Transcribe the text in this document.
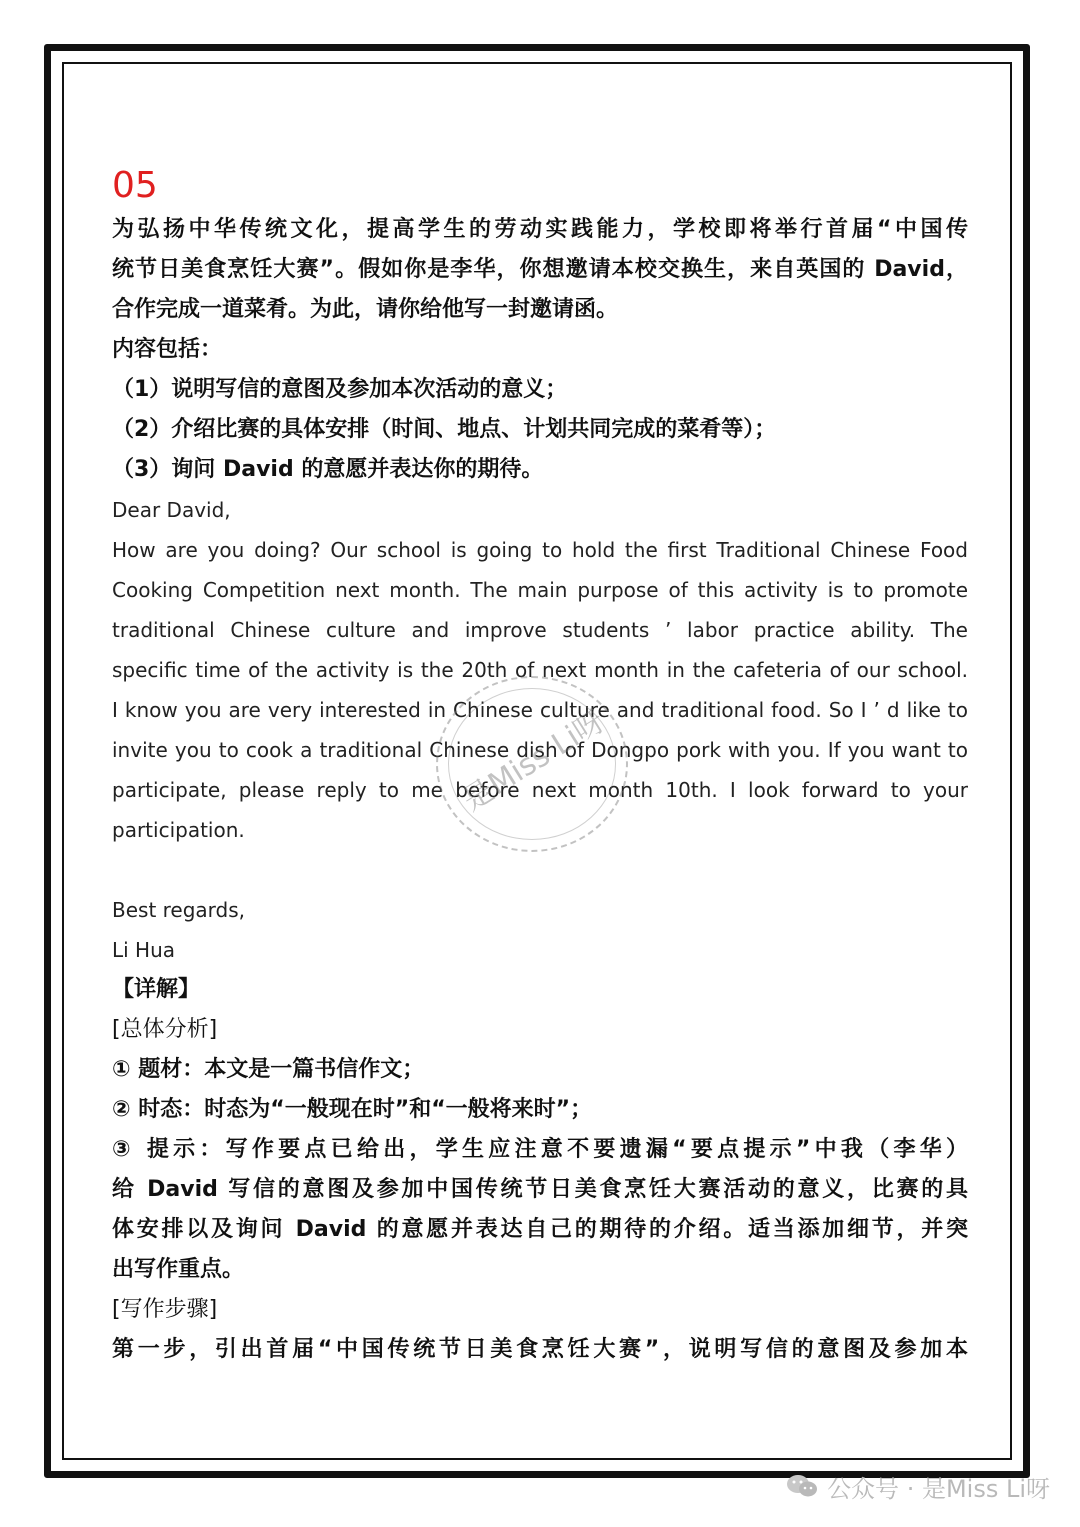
05
为弘扬中华传统文化，提高学生的劳动实践能力，学校即将举行首届“中国传
统节日美食烹饪大赛”。假如你是李华，你想邀请本校交换生，来自英国的 David，
合作完成一道菜肴。为此，请你给他写一封邀请函。
内容包括：
（1）说明写信的意图及参加本次活动的意义；
（2）介绍比赛的具体安排（时间、地点、计划共同完成的菜肴等）；
（3）询问 David 的意愿并表达你的期待。
Dear David,
How are you doing? Our school is going to hold the first Traditional Chinese Food
Cooking Competition next month. The main purpose of this activity is to promote
traditional Chinese culture and improve students ’ labor practice ability. The
specific time of the activity is the 20th of next month in the cafeteria of our school.
I know you are very interested in Chinese culture and traditional food. So I ’ d like to
invite you to cook a traditional Chinese dish of Dongpo pork with you. If you want to
participate, please reply to me before next month 10th. I look forward to your
participation.
Best regards,
Li Hua
【详解】
[总体分析]
① 题材：本文是一篇书信作文；
② 时态：时态为“一般现在时”和“一般将来时”；
③ 提示：写作要点已给出，学生应注意不要遗漏“要点提示”中我（李华）
给 David 写信的意图及参加中国传统节日美食烹饪大赛活动的意义，比赛的具
体安排以及询问 David 的意愿并表达自己的期待的介绍。适当添加细节，并突
出写作重点。
[写作步骤]
第一步，引出首届“中国传统节日美食烹饪大赛”，说明写信的意图及参加本
是Miss Li呀
公众号 · 是Miss Li呀
